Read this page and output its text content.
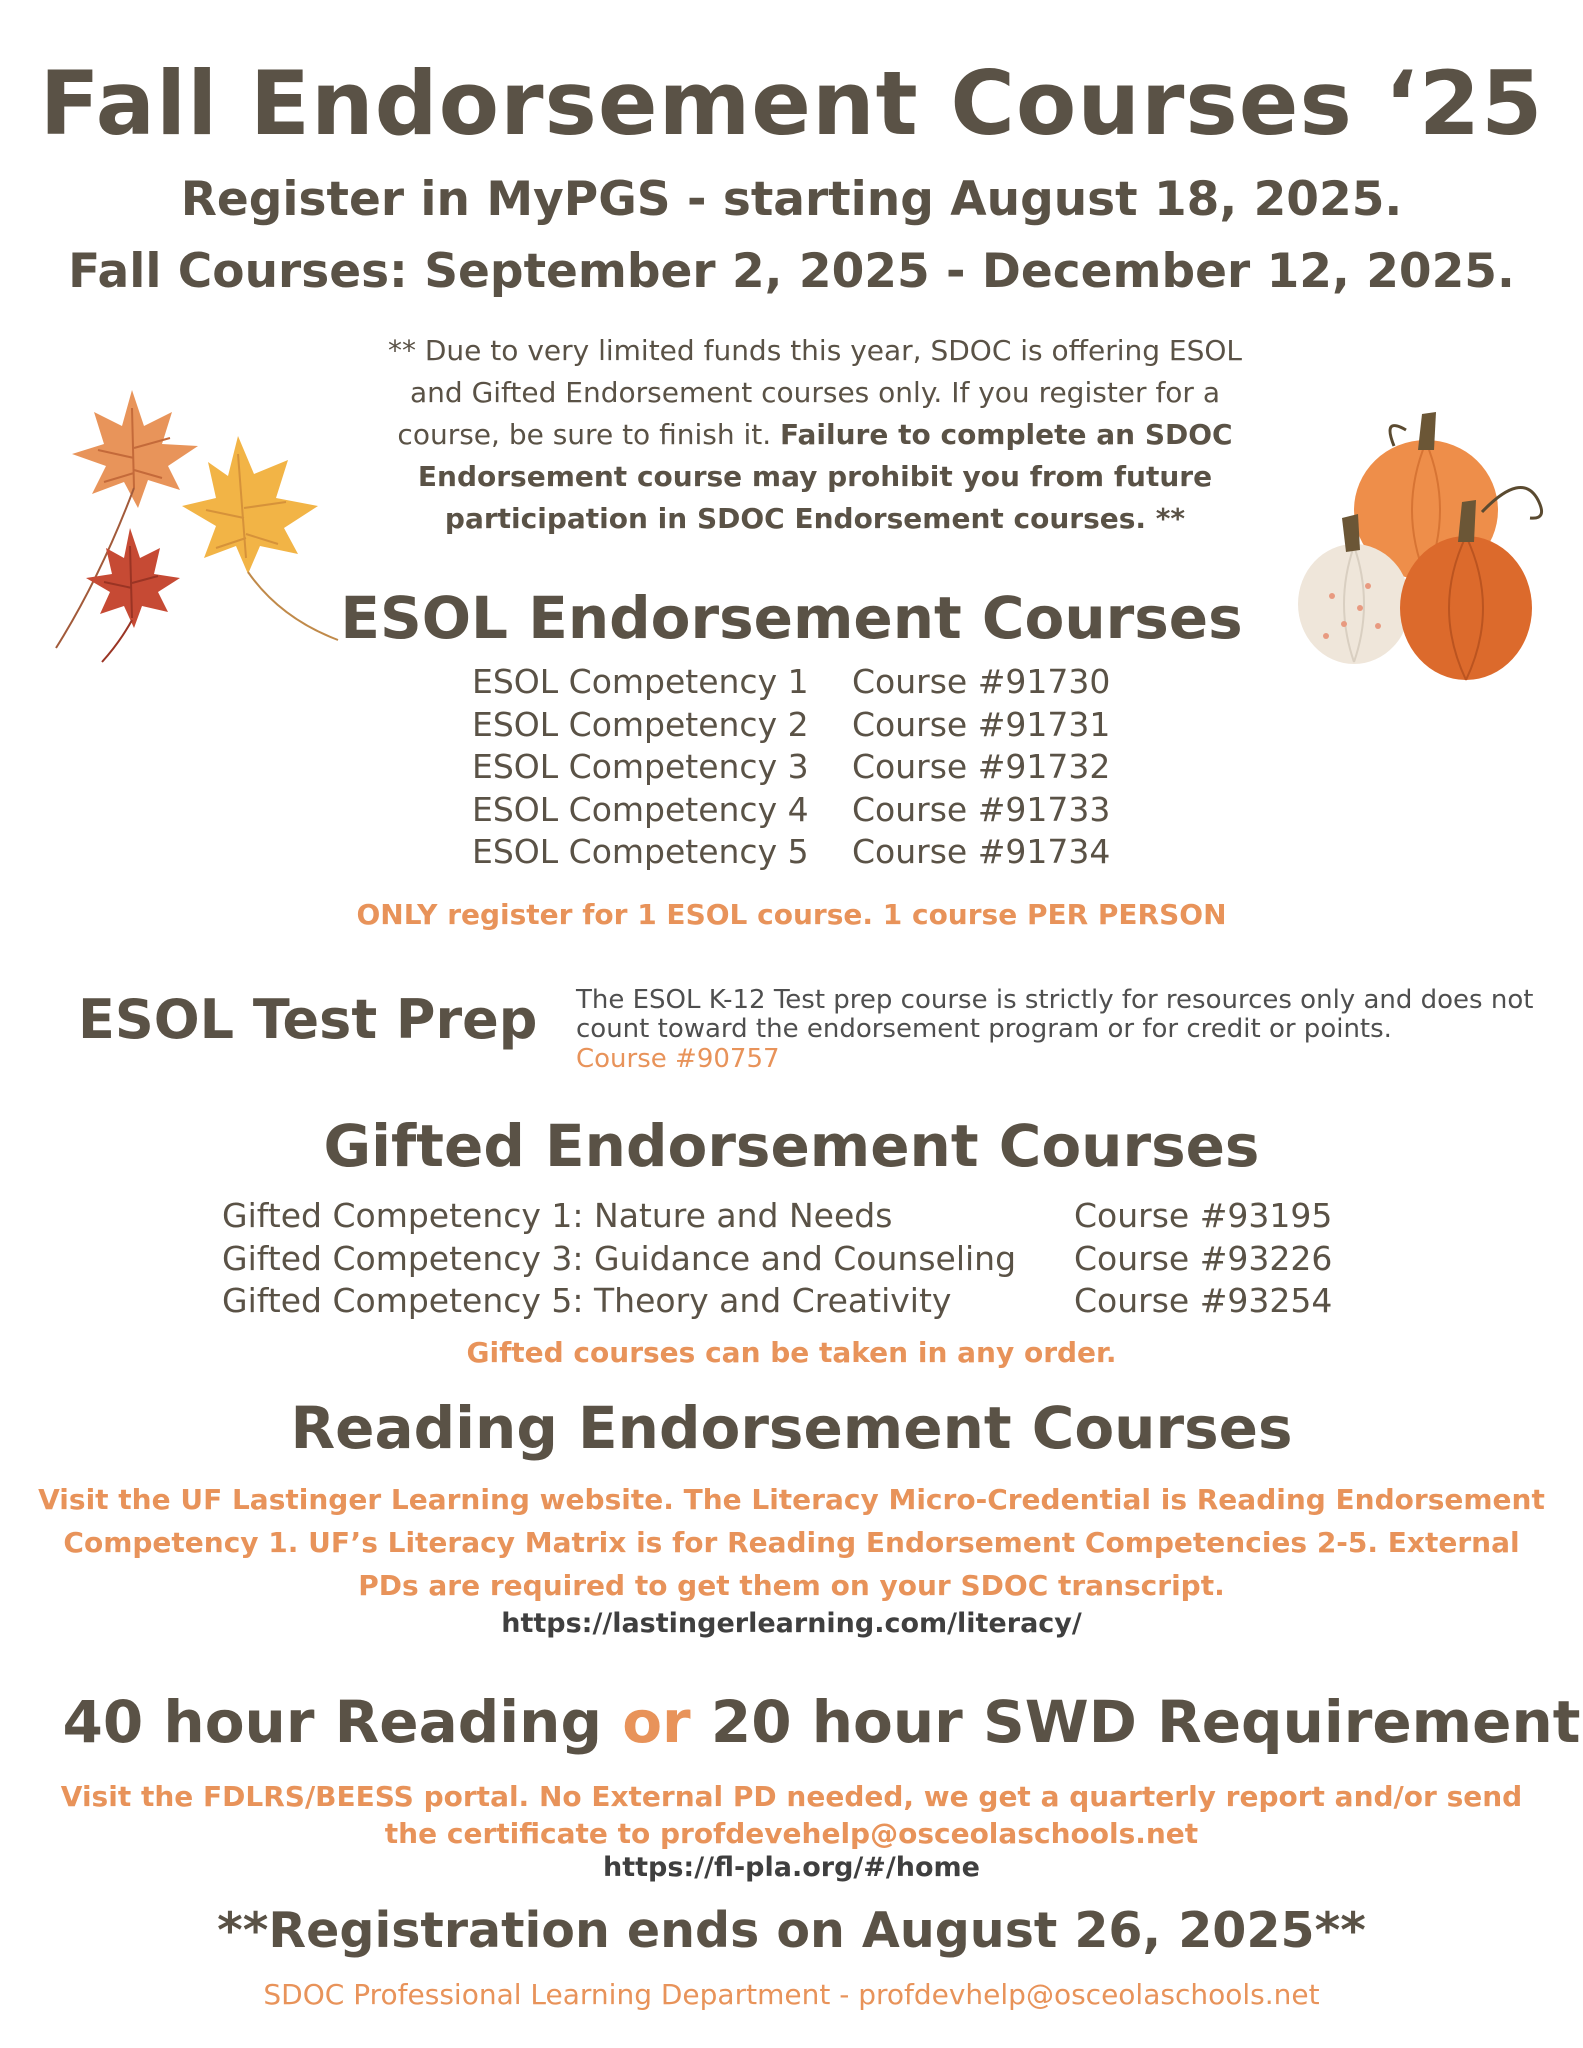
Fall Endorsement Courses ‘25
Register in MyPGS - starting August 18, 2025.
Fall Courses: September 2, 2025 - December 12, 2025.
** Due to very limited funds this year, SDOC is offering ESOL and Gifted Endorsement courses only. If you register for a course, be sure to finish it. Failure to complete an SDOC Endorsement course may prohibit you from future participation in SDOC Endorsement courses. **
ESOL Endorsement Courses
ESOL Competency 1 Course #91730
ESOL Competency 2 Course #91731
ESOL Competency 3 Course #91732
ESOL Competency 4 Course #91733
ESOL Competency 5 Course #91734
ONLY register for 1 ESOL course. 1 course PER PERSON
ESOL Test Prep The ESOL K-12 Test prep course is strictly for resources only and does not count toward the endorsement program or for credit or points.
Course #90757
Gifted Endorsement Courses
Gifted Competency 1: Nature and Needs	Course #93195
Gifted Competency 3: Guidance and Counseling Course #93226
Gifted Competency 5: Theory and Creativity	Course #93254
Gifted courses can be taken in any order.
Reading Endorsement Courses
Visit the UF Lastinger Learning website. The Literacy Micro-Credential is Reading Endorsement Competency 1. UF’s Literacy Matrix is for Reading Endorsement Competencies 2-5. External PDs are required to get them on your SDOC transcript.
https://lastingerlearning.com/literacy/
40 hour Reading or 20 hour SWD Requirement
Visit the FDLRS/BEESS portal. No External PD needed, we get a quarterly report and/or send the certificate to profdevehelp@osceolaschools.net
https://fl-pla.org/#/home
**Registration ends on August 26, 2025**
SDOC Professional Learning Department - profdevhelp@osceolaschools.net
